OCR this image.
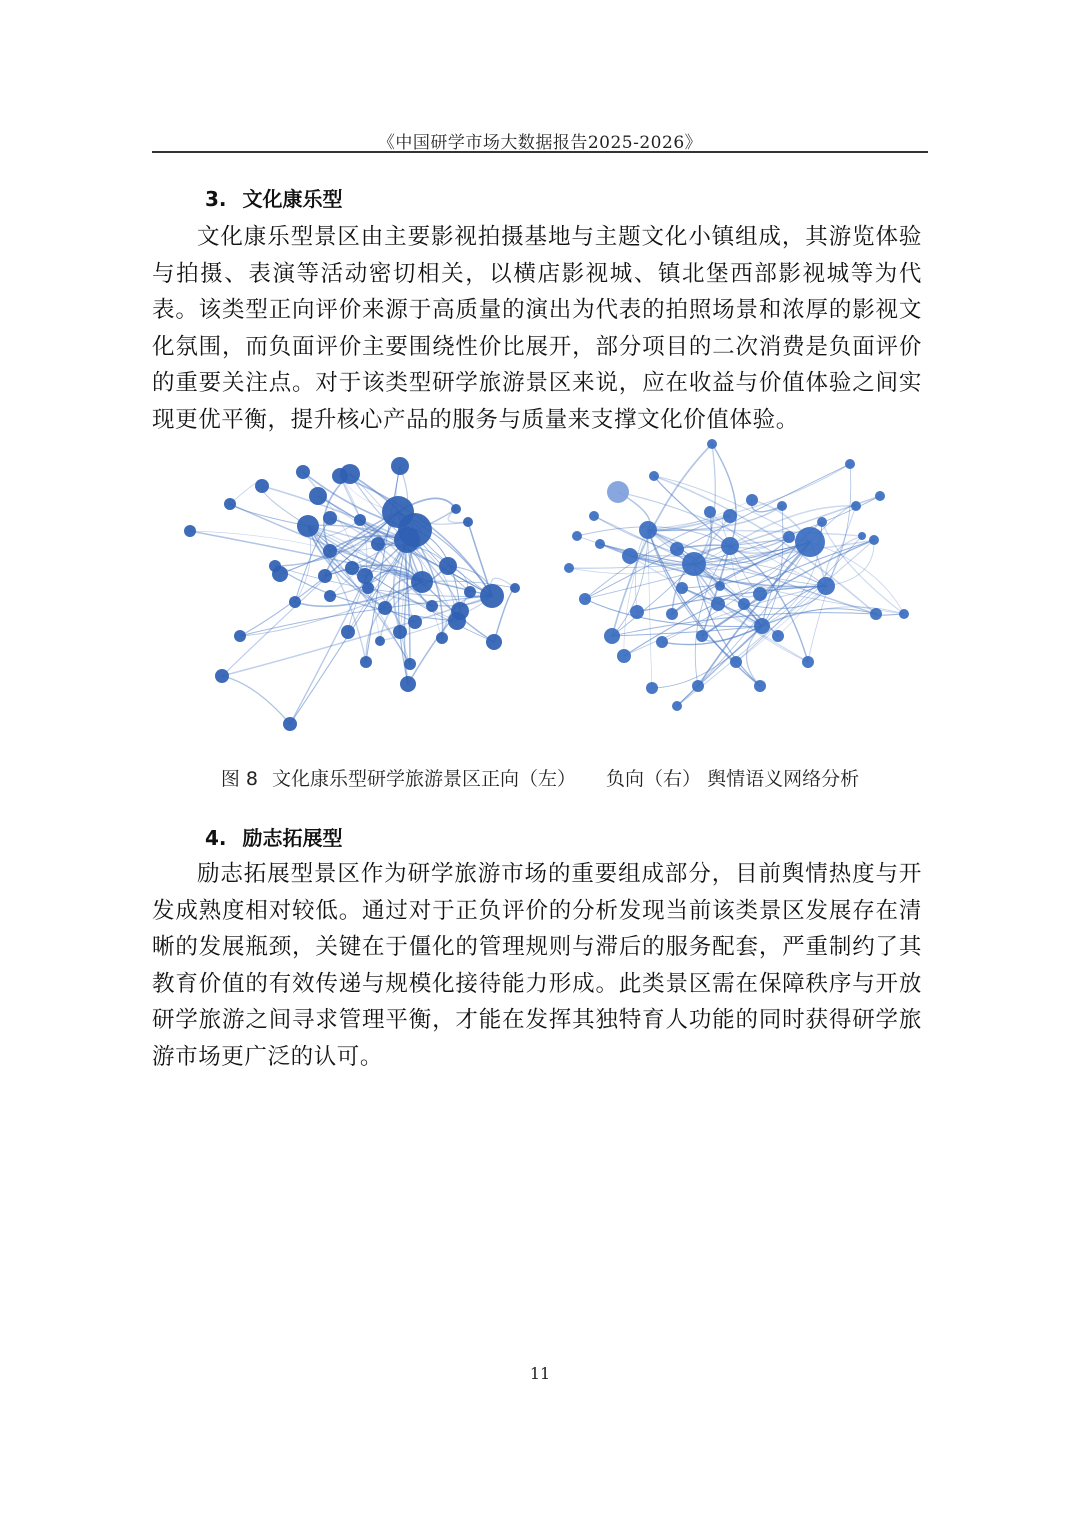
《中国研学市场大数据报告2025-2026》
3. 文化康乐型
文化康乐型景区由主要影视拍摄基地与主题文化小镇组成，其游览体验与拍摄、表演等活动密切相关，以横店影视城、镇北堡西部影视城等为代表。该类型正向评价来源于高质量的演出为代表的拍照场景和浓厚的影视文化氛围，而负面评价主要围绕性价比展开，部分项目的二次消费是负面评价的重要关注点。对于该类型研学旅游景区来说，应在收益与价值体验之间实现更优平衡，提升核心产品的服务与质量来支撑文化价值体验。
图 8 文化康乐型研学旅游景区正向（左） 负向（右） 舆情语义网络分析
4. 励志拓展型
励志拓展型景区作为研学旅游市场的重要组成部分，目前舆情热度与开发成熟度相对较低。通过对于正负评价的分析发现当前该类景区发展存在清晰的发展瓶颈，关键在于僵化的管理规则与滞后的服务配套，严重制约了其教育价值的有效传递与规模化接待能力形成。此类景区需在保障秩序与开放研学旅游之间寻求管理平衡，才能在发挥其独特育人功能的同时获得研学旅游市场更广泛的认可。
11
